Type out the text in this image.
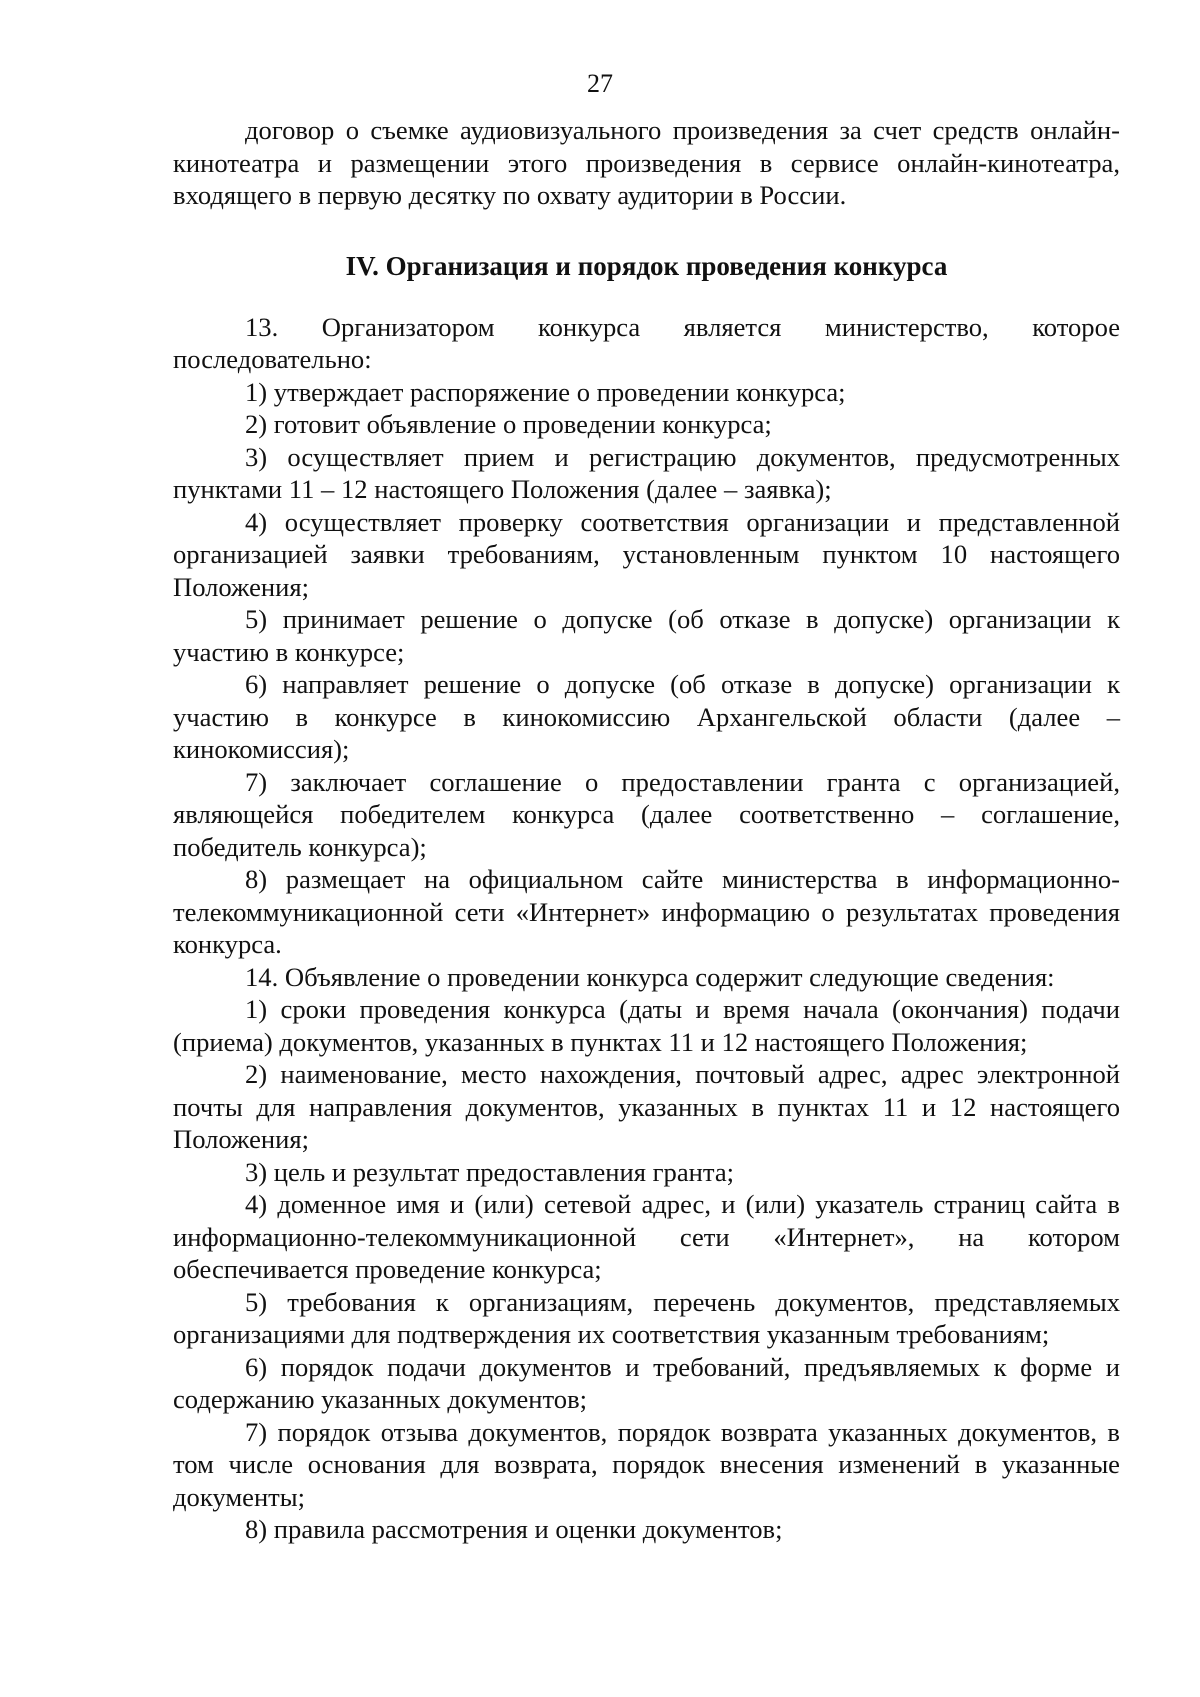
27

договор о съемке аудиовизуального произведения за счет средств онлайн-кинотеатра и размещении этого произведения в сервисе онлайн-кинотеатра, входящего в первую десятку по охвату аудитории в России.

IV. Организация и порядок проведения конкурса

13. Организатором конкурса является министерство, которое последовательно:

1) утверждает распоряжение о проведении конкурса;

2) готовит объявление о проведении конкурса;

3) осуществляет прием и регистрацию документов, предусмотренных пунктами 11 – 12 настоящего Положения (далее – заявка);

4) осуществляет проверку соответствия организации и представленной организацией заявки требованиям, установленным пунктом 10 настоящего Положения;

5) принимает решение о допуске (об отказе в допуске) организации к участию в конкурсе;

6) направляет решение о допуске (об отказе в допуске) организации к участию в конкурсе в кинокомиссию Архангельской области (далее – кинокомиссия);

7) заключает соглашение о предоставлении гранта с организацией, являющейся победителем конкурса (далее соответственно – соглашение, победитель конкурса);

8) размещает на официальном сайте министерства в информационно-телекоммуникационной сети «Интернет» информацию о результатах проведения конкурса.

14. Объявление о проведении конкурса содержит следующие сведения:

1) сроки проведения конкурса (даты и время начала (окончания) подачи (приема) документов, указанных в пунктах 11 и 12 настоящего Положения;

2) наименование, место нахождения, почтовый адрес, адрес электронной почты для направления документов, указанных в пунктах 11 и 12 настоящего Положения;

3) цель и результат предоставления гранта;

4) доменное имя и (или) сетевой адрес, и (или) указатель страниц сайта в информационно-телекоммуникационной сети «Интернет», на котором обеспечивается проведение конкурса;

5) требования к организациям, перечень документов, представляемых организациями для подтверждения их соответствия указанным требованиям;

6) порядок подачи документов и требований, предъявляемых к форме и содержанию указанных документов;

7) порядок отзыва документов, порядок возврата указанных документов, в том числе основания для возврата, порядок внесения изменений в указанные документы;

8) правила рассмотрения и оценки документов;
